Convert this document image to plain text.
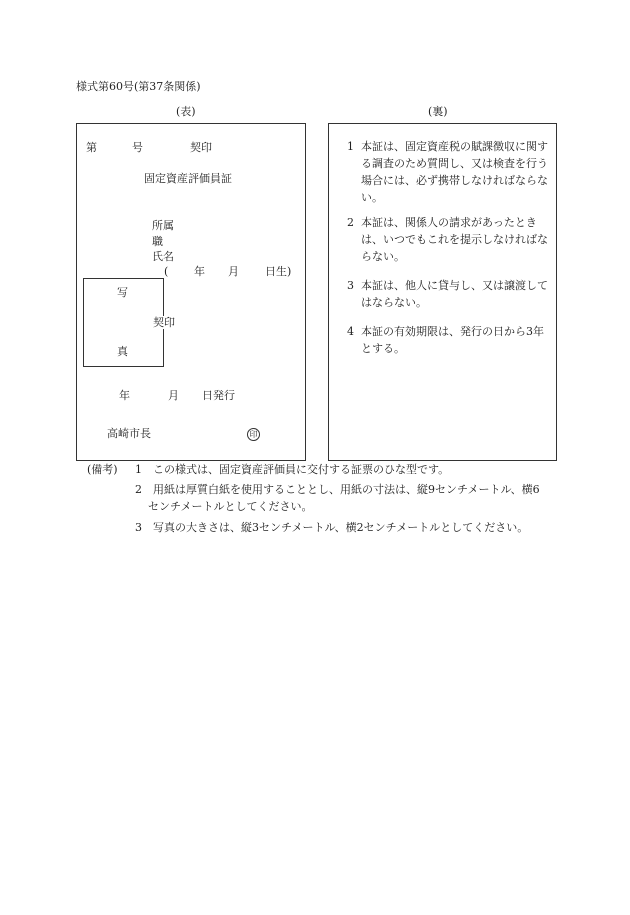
様式第60号(第37条関係)
(表)	(裏)
第	号	契印
固定資産評価員証
所属
職
氏名
( 年 月 日生)
写
真
契印
年	月 日発行
高崎市長	印
1 本証は、固定資産税の賦課徴収に関する調査のため質問し、又は検査を行う場合には、必ず携帯しなければならない。
2 本証は、関係人の請求があったときは、いつでもこれを提示しなければならない。
3 本証は、他人に貸与し、又は譲渡してはならない。
4 本証の有効期限は、発行の日から3年とする。
(備考) 1 この様式は、固定資産評価員に交付する証票のひな型です。
2	用紙は厚質白紙を使用することとし、用紙の寸法は、縦9センチメートル、横6センチメートルとしてください。
3	写真の大きさは、縦3センチメートル、横2センチメートルとしてください。
